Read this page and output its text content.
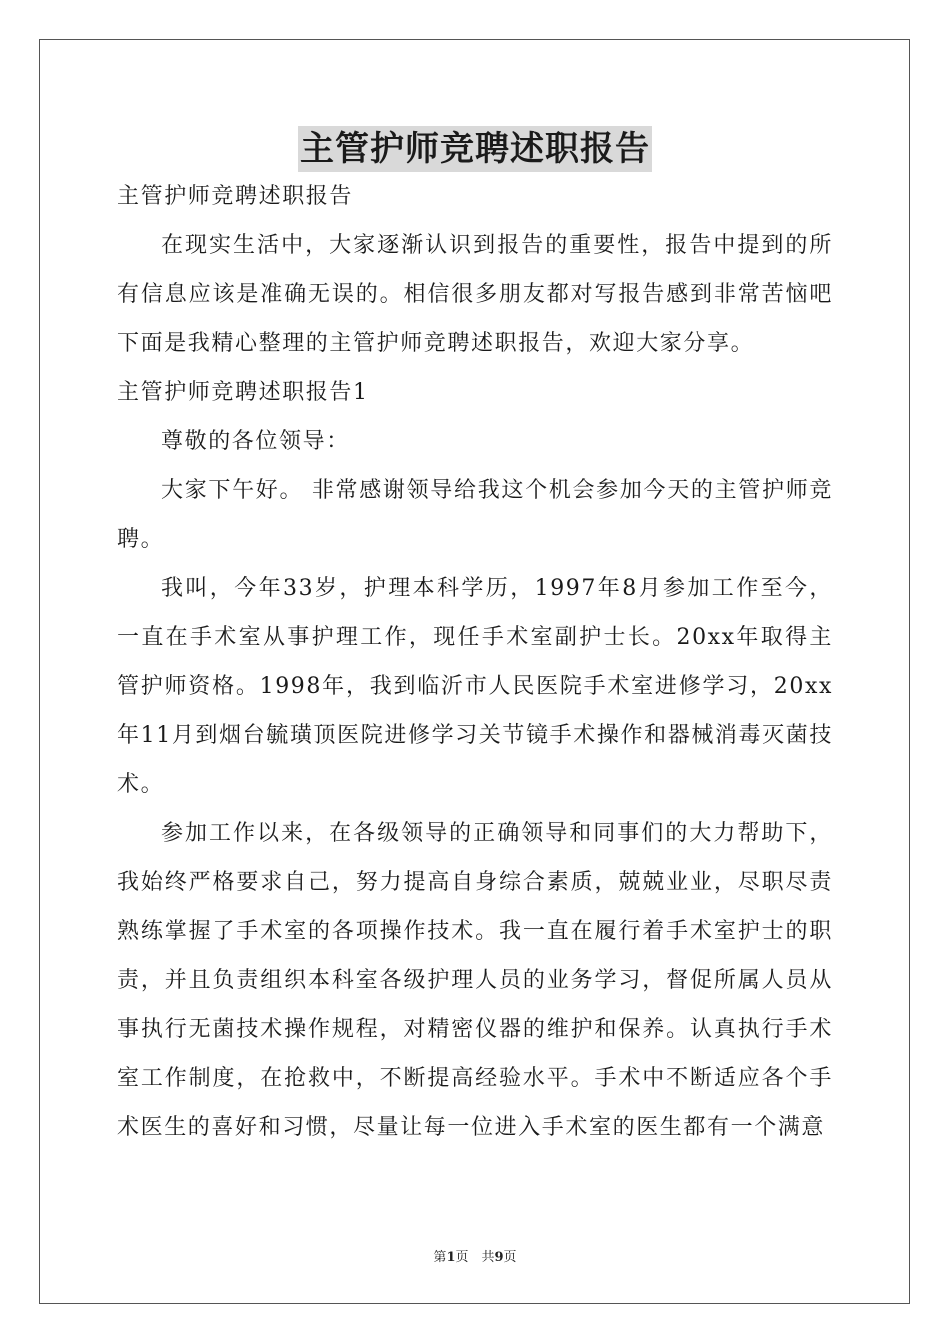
主管护师竞聘述职报告

主管护师竞聘述职报告

在现实生活中，大家逐渐认识到报告的重要性，报告中提到的所有信息应该是准确无误的。相信很多朋友都对写报告感到非常苦恼吧下面是我精心整理的主管护师竞聘述职报告，欢迎大家分享。

主管护师竞聘述职报告1

尊敬的各位领导：

大家下午好。 非常感谢领导给我这个机会参加今天的主管护师竞聘。

我叫，今年33岁，护理本科学历，1997年8月参加工作至今，一直在手术室从事护理工作，现任手术室副护士长。20xx年取得主管护师资格。1998年，我到临沂市人民医院手术室进修学习，20xx年11月到烟台毓璜顶医院进修学习关节镜手术操作和器械消毒灭菌技术。

参加工作以来，在各级领导的正确领导和同事们的大力帮助下，我始终严格要求自己，努力提高自身综合素质，兢兢业业，尽职尽责熟练掌握了手术室的各项操作技术。我一直在履行着手术室护士的职责，并且负责组织本科室各级护理人员的业务学习，督促所属人员从事执行无菌技术操作规程，对精密仪器的维护和保养。认真执行手术室工作制度，在抢救中，不断提高经验水平。手术中不断适应各个手术医生的喜好和习惯，尽量让每一位进入手术室的医生都有一个满意

第1页　共9页
